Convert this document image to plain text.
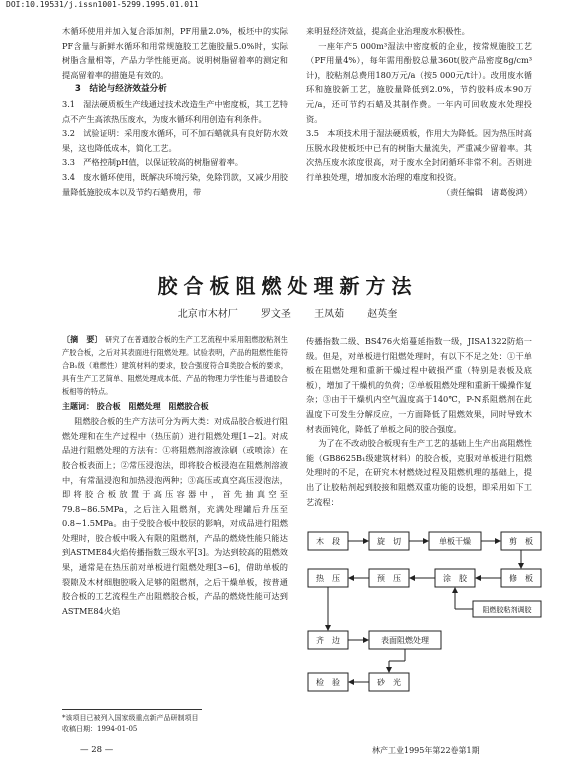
DOI:10.19531/j.issn1001-5299.1995.01.011

木循环使用并加入复合添加剂，PF用量2.0%，板坯中的实际PF含量与新鲜水循环和用常规施胶工艺施胶量5.0%时，实际树脂含量相等，产品力学性能更高。说明树脂留着率的测定和提高留着率的措施是有效的。

3　结论与经济效益分析

3.1　湿法硬质板生产线通过技术改造生产中密度板，其工艺特点不产生高浓热压废水，为废水循环利用创造有利条件。

3.2　试验证明：采用废水循环，可不加石蜡就具有良好防水效果，这也降低成本，简化工艺。

3.3　严格控制pH值，以保证较高的树脂留着率。

3.4　废水循环使用，既解决环境污染，免除罚款，又减少用胶量降低施胶成本以及节约石蜡费用，带

来明显经济效益，提高企业治理废水积极性。

一座年产5 000m³湿法中密度板的企业，按常规施胶工艺（PF用量4%），每年需用酚胶总量360t(胶产品密度8g/cm³计)，胶粘剂总费用180万元/a（按5 000元/t计）。改用废水循环和施胶新工艺，施胶量降低到2.0%，节约胶料成本90万元/a，还可节约石蜡及其制作费。一年内可回收废水处理投资。

3.5　本项技术用于湿法硬质板，作用大为降低。因为热压时高压脱水段使板坯中已有的树脂大量流失，严重减少留着率。其次热压废水浓度很高，对于废水全封闭循环非常不利。否则进行单独处理，增加废水治理的难度和投资。

（责任编辑　诸葛俊鸿）

胶合板阻燃处理新方法
北京市木材厂 罗文圣 王凤茹 赵英奎

〔摘　要〕 研究了在普通胶合板的生产工艺流程中采用阻燃胶粘剂生产胶合板，之后对其表面进行阻燃处理。试验表明，产品的阻燃性能符合B₁级（难燃性）建筑材料的要求，胶合强度符合Ⅱ类胶合板的要求，具有生产工艺简单、阻燃处理成本低、产品的物理力学性能与普通胶合板相等的特点。

主题词： 胶合板　阻燃处理　阻燃胶合板

阻燃胶合板的生产方法可分为两大类：对成品胶合板进行阻燃处理和在生产过程中（热压前）进行阻燃处理[1~2]。对成品进行阻燃处理的方法有：①将阻燃剂溶液涂刷（或喷涂）在胶合板表面上；②常压浸泡法，即将胶合板浸泡在阻燃剂溶液中，有常温浸泡和加热浸泡两种；③高压或真空高压浸泡法，即将胶合板放置于高压容器中，首先抽真空至79.8~86.5MPa，之后注入阻燃剂，充满处理罐后升压至0.8~1.5MPa。由于受胶合板中胶层的影响，对成品进行阻燃处理时，胶合板中吸入有限的阻燃剂，产品的燃烧性能只能达到ASTME84火焰传播指数三级水平[3]。为达到较高的阻燃效果，通常是在热压前对单板进行阻燃处理[3~6]，借助单板的裂隙及木材细胞腔吸入足够的阻燃剂，之后干燥单板，按普通胶合板的工艺流程生产出阻燃胶合板，产品的燃烧性能可达到ASTME84火焰

传播指数二级、BS476火焰蔓延指数一级，JISA1322防焰一级。但是，对单板进行阻燃处理时，有以下不足之处：①干单板在阻燃处理和重新干燥过程中破损严重（特别是表板及底板），增加了干燥机的负荷；②单板阻燃处理和重新干燥操作复杂；③由于干燥机内空气温度高于140℃，P-N系阻燃剂在此温度下可发生分解反应，一方面降低了阻燃效果，同时导致木材表面钝化，降低了单板之间的胶合强度。

为了在不改动胶合板现有生产工艺的基础上生产出高阻燃性能（GB8625B₁级建筑材料）的胶合板，克服对单板进行阻燃处理时的不足，在研究木材燃烧过程及阻燃机理的基础上，提出了让胶粘剂起到胶接和阻燃双重功能的设想，即采用如下工艺流程：

木　段	旋　切	单板干燥	剪　板
热　压	预　压	涂　胶	修　板
阻燃胶粘剂调胶
齐　边	表面阻燃处理
检　验	砂　光
*该项目已被列入国家级重点新产品研制项目
收稿日期：1994-01-05
— 28 —	林产工业1995年第22卷第1期
